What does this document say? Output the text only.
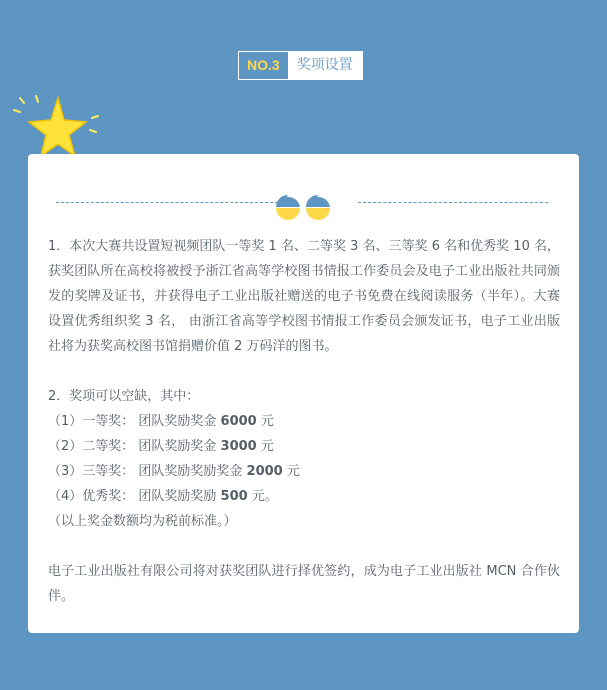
NO.3	奖项设置

1．本次大赛共设置短视频团队一等奖 1 名、二等奖 3 名、三等奖 6 名和优秀奖 10 名， 获奖团队所在高校将被授予浙江省高等学校图书情报工作委员会及电子工业出版社共同颁 发的奖牌及证书，并获得电子工业出版社赠送的电子书免费在线阅读服务（半年）。大赛设置优秀组织奖 3 名， 由浙江省高等学校图书情报工作委员会颁发证书，电子工业出版社将为获奖高校图书馆捐赠价值 2 万码洋的图书。

2．奖项可以空缺，其中：

（1）一等奖： 团队奖励奖金 6000 元

（2）二等奖： 团队奖励奖金 3000 元

（3）三等奖： 团队奖励奖励奖金 2000 元

（4）优秀奖： 团队奖励奖励 500 元。

（以上奖金数额均为税前标准。）

电子工业出版社有限公司将对获奖团队进行择优签约，成为电子工业出版社 MCN 合作伙伴。
